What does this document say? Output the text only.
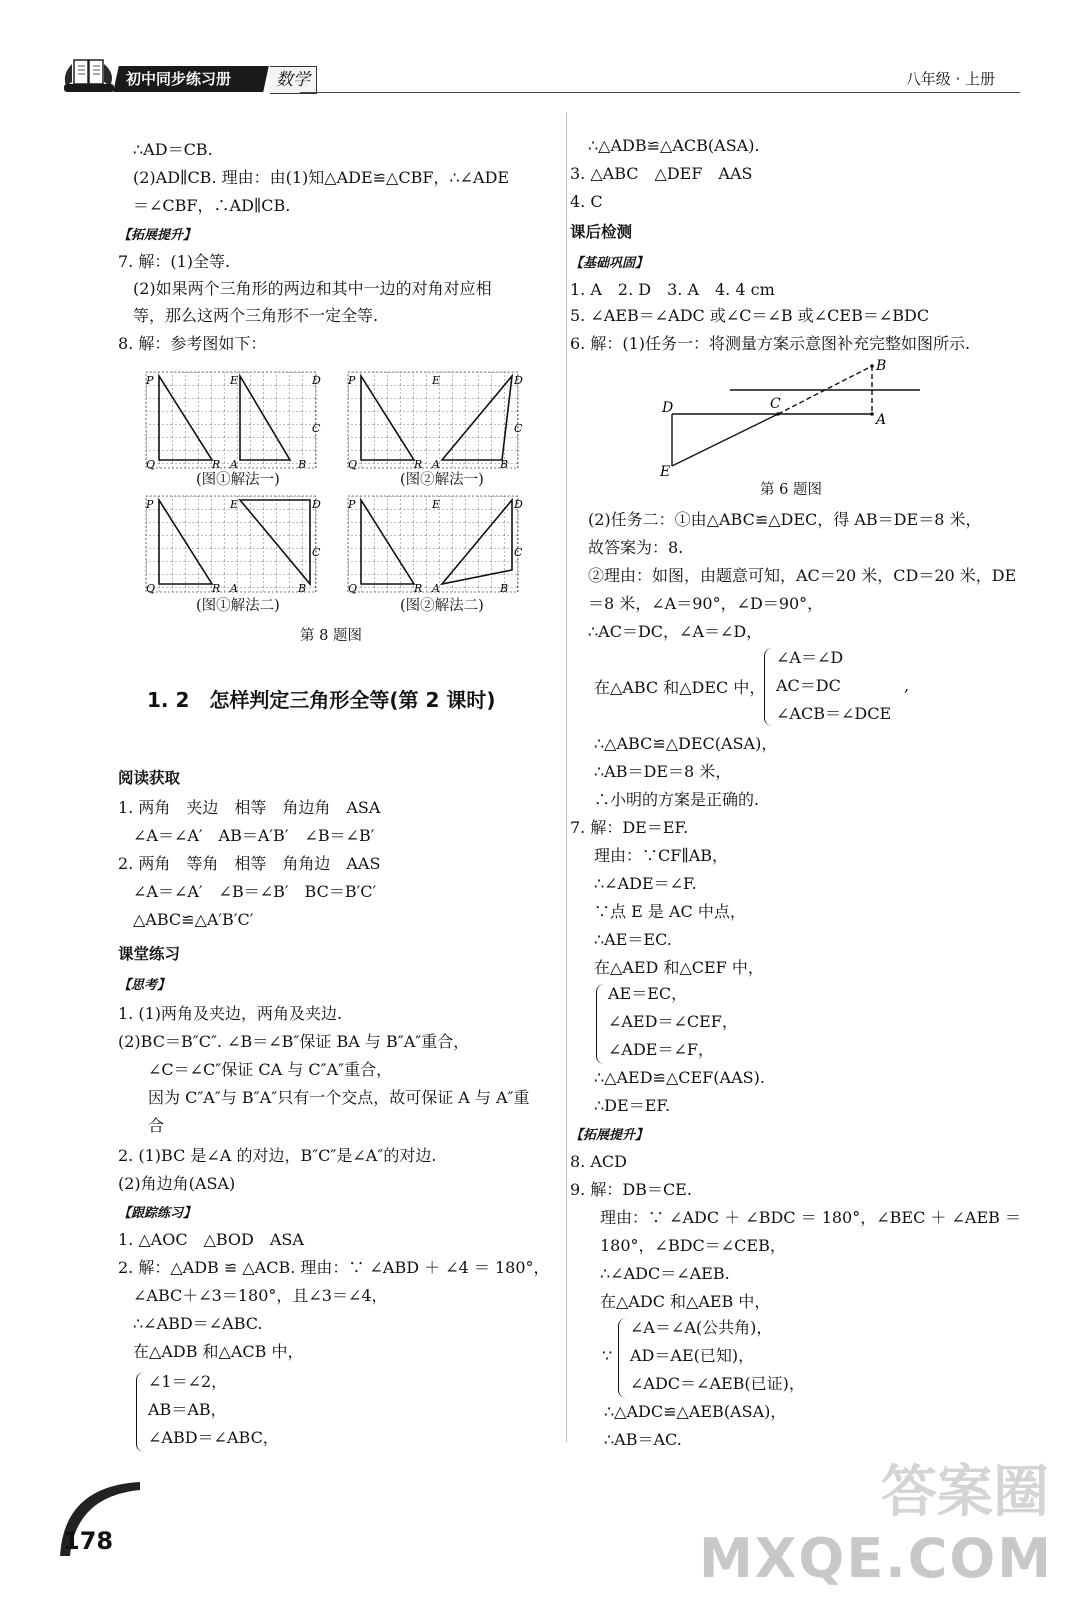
初中同步练习册	数学	八年级 · 上册
∴AD＝CB.
(2)AD∥CB. 理由：由(1)知△ADE≌△CBF，∴∠ADE
＝∠CBF，∴AD∥CB.
【拓展提升】
7. 解：(1)全等.
(2)如果两个三角形的两边和其中一边的对角对应相
等，那么这两个三角形不一定全等.
8. 解：参考图如下：
P	E	D
C
Q	R A	B
P	E	D
C
Q	R A	B
(图①解法一)	(图②解法一)
P	E	D
C
Q	R A	B
P	E	D
C
Q	R A	B
(图①解法二)	(图②解法二)
第 8 题图
1. 2　怎样判定三角形全等(第 2 课时)
阅读获取
1. 两角　夹边　相等　角边角　ASA
∠A＝∠A′　AB＝A′B′　∠B＝∠B′
2. 两角　等角　相等　角角边　AAS
∠A＝∠A′　∠B＝∠B′　BC＝B′C′
△ABC≌△A′B′C′
课堂练习
【思考】
1. (1)两角及夹边，两角及夹边.
(2)BC＝B″C″. ∠B＝∠B″保证 BA 与 B″A″重合，
∠C＝∠C″保证 CA 与 C″A″重合，
因为 C″A″与 B″A″只有一个交点，故可保证 A 与 A″重
合
2. (1)BC 是∠A 的对边，B″C″是∠A″的对边.
(2)角边角(ASA)
【跟踪练习】
1. △AOC　△BOD　ASA
2. 解：△ADB ≌ △ACB. 理由：∵ ∠ABD ＋ ∠4 ＝ 180°，
∠ABC＋∠3＝180°，且∠3＝∠4，
∴∠ABD＝∠ABC.
在△ADB 和△ACB 中，
∠1＝∠2，
AB＝AB，
∠ABD＝∠ABC，
∴△ADB≌△ACB(ASA).
3. △ABC　△DEF　AAS
4. C
课后检测
【基础巩固】
1. A　2. D　3. A　4. 4 cm
5. ∠AEB＝∠ADC 或∠C＝∠B 或∠CEB＝∠BDC
6. 解：(1)任务一：将测量方案示意图补充完整如图所示.
B
D	C
A
E
第 6 题图
(2)任务二：①由△ABC≌△DEC，得 AB＝DE＝8 米，
故答案为：8.
②理由：如图，由题意可知，AC＝20 米，CD＝20 米，DE
＝8 米，∠A＝90°，∠D＝90°，
∴AC＝DC，∠A＝∠D，
在△ABC 和△DEC 中，
∠A＝∠D
AC＝DC
∠ACB＝∠DCE
,
∴△ABC≌△DEC(ASA)，
∴AB＝DE＝8 米，
∴小明的方案是正确的.
7. 解：DE＝EF.
理由：∵CF∥AB，
∴∠ADE＝∠F.
∵点 E 是 AC 中点，
∴AE＝EC.
在△AED 和△CEF 中，
AE＝EC，
∠AED＝∠CEF，
∠ADE＝∠F，
∴△AED≌△CEF(AAS).
∴DE＝EF.
【拓展提升】
8. ACD
9. 解：DB＝CE.
理由：∵ ∠ADC ＋ ∠BDC ＝ 180°，∠BEC ＋ ∠AEB ＝
180°，∠BDC＝∠CEB，
∴∠ADC＝∠AEB.
在△ADC 和△AEB 中，
∵
∠A＝∠A(公共角)，
AD＝AE(已知)，
∠ADC＝∠AEB(已证)，
∴△ADC≌△AEB(ASA)，
∴AB＝AC.
178
答案圈
MXQE.COM
